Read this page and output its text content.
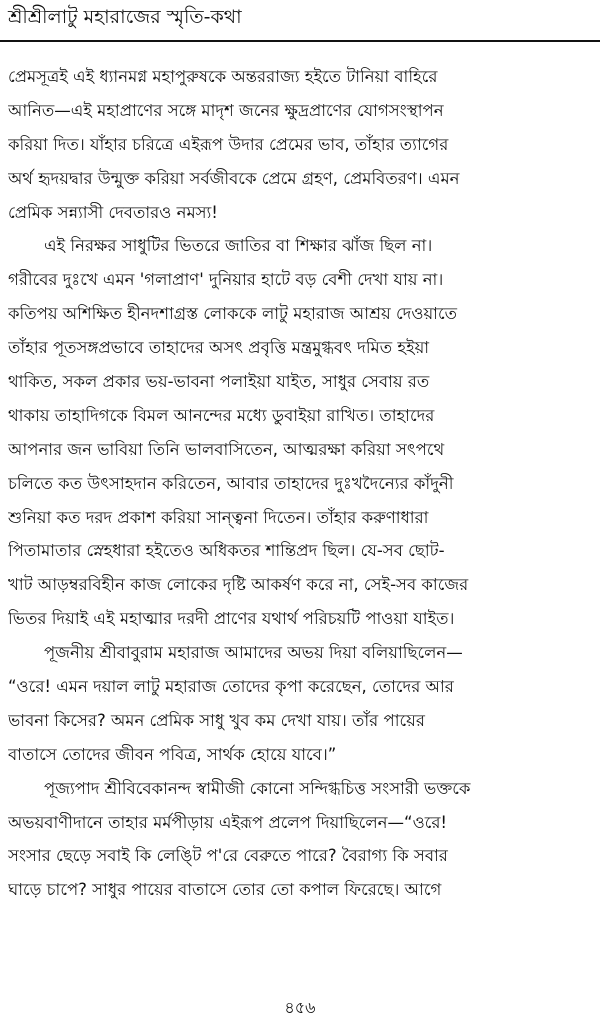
শ্রীশ্রীলাটু মহারাজের স্মৃতি-কথা
প্রেমসূত্রই এই ধ্যানমগ্ন মহাপুরুষকে অন্তররাজ্য হইতে টানিয়া বাহিরে
আনিত—এই মহাপ্রাণের সঙ্গে মাদৃশ জনের ক্ষুদ্রপ্রাণের যোগসংস্থাপন
করিয়া দিত। যাঁহার চরিত্রে এইরূপ উদার প্রেমের ভাব, তাঁহার ত্যাগের
অর্থ হৃদয়দ্বার উন্মুক্ত করিয়া সর্বজীবকে প্রেমে গ্রহণ, প্রেমবিতরণ। এমন
প্রেমিক সন্ন্যাসী দেবতারও নমস্য!
এই নিরক্ষর সাধুটির ভিতরে জাতির বা শিক্ষার ঝাঁজ ছিল না।
গরীবের দুঃখে এমন 'গলাপ্রাণ' দুনিয়ার হাটে বড় বেশী দেখা যায় না।
কতিপয় অশিক্ষিত হীনদশাগ্রস্ত লোককে লাটু মহারাজ আশ্রয় দেওয়াতে
তাঁহার পূতসঙ্গপ্রভাবে তাহাদের অসৎ প্রবৃত্তি মন্ত্রমুগ্ধবৎ দমিত হইয়া
থাকিত, সকল প্রকার ভয়-ভাবনা পলাইয়া যাইত, সাধুর সেবায় রত
থাকায় তাহাদিগকে বিমল আনন্দের মধ্যে ডুবাইয়া রাখিত। তাহাদের
আপনার জন ভাবিয়া তিনি ভালবাসিতেন, আত্মরক্ষা করিয়া সৎপথে
চলিতে কত উৎসাহদান করিতেন, আবার তাহাদের দুঃখদৈন্যের কাঁদুনী
শুনিয়া কত দরদ প্রকাশ করিয়া সান্ত্বনা দিতেন। তাঁহার করুণাধারা
পিতামাতার স্নেহধারা হইতেও অধিকতর শান্তিপ্রদ ছিল। যে-সব ছোট-
খাট আড়ম্বরবিহীন কাজ লোকের দৃষ্টি আকর্ষণ করে না, সেই-সব কাজের
ভিতর দিয়াই এই মহাত্মার দরদী প্রাণের যথার্থ পরিচয়টি পাওয়া যাইত।
পূজনীয় শ্রীবাবুরাম মহারাজ আমাদের অভয় দিয়া বলিয়াছিলেন—
“ওরে! এমন দয়াল লাটু মহারাজ তোদের কৃপা করেছেন, তোদের আর
ভাবনা কিসের? অমন প্রেমিক সাধু খুব কম দেখা যায়। তাঁর পায়ের
বাতাসে তোদের জীবন পবিত্র, সার্থক হোয়ে যাবে।”
পূজ্যপাদ শ্রীবিবেকানন্দ স্বামীজী কোনো সন্দিগ্ধচিত্ত সংসারী ভক্তকে
অভয়বাণীদানে তাহার মর্মপীড়ায় এইরূপ প্রলেপ দিয়াছিলেন—“ওরে!
সংসার ছেড়ে সবাই কি লেঙ্টি প'রে বেরুতে পারে? বৈরাগ্য কি সবার
ঘাড়ে চাপে? সাধুর পায়ের বাতাসে তোর তো কপাল ফিরেছে। আগে
৪৫৬
